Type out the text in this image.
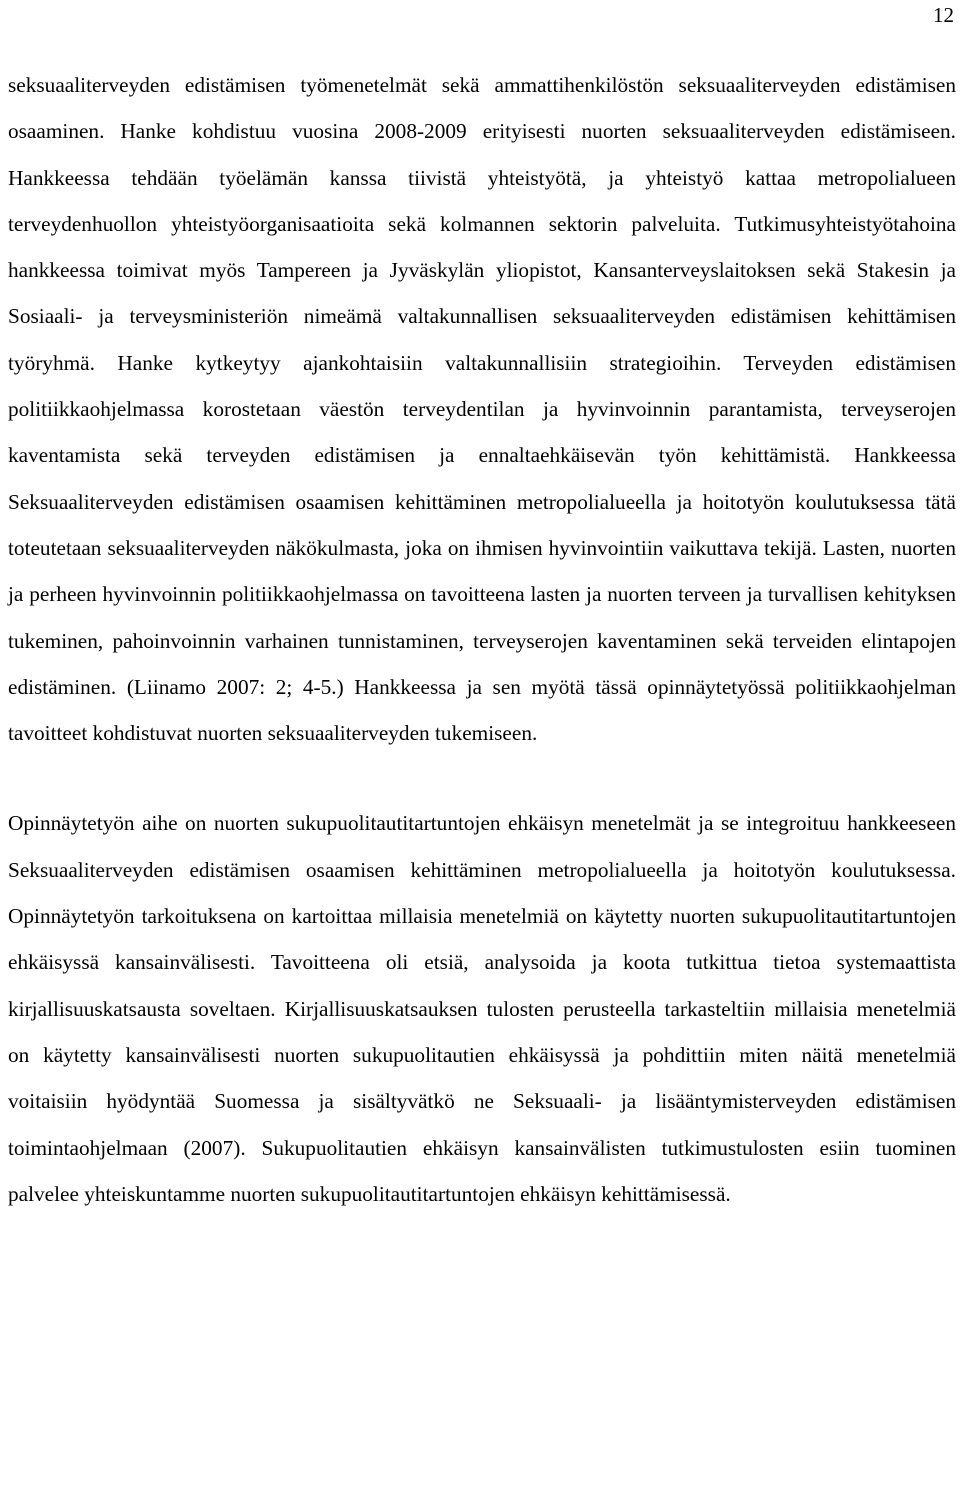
12

seksuaaliterveyden edistämisen työmenetelmät sekä ammattihenkilöstön seksuaaliterveyden edistämisen osaaminen. Hanke kohdistuu vuosina 2008-2009 erityisesti nuorten seksuaaliterveyden edistämiseen. Hankkeessa tehdään työelämän kanssa tiivistä yhteistyötä, ja yhteistyö kattaa metropolialueen terveydenhuollon yhteistyöorganisaatioita sekä kolmannen sektorin palveluita. Tutkimusyhteistyötahoina hankkeessa toimivat myös Tampereen ja Jyväskylän yliopistot, Kansanterveyslaitoksen sekä Stakesin ja Sosiaali- ja terveysministeriön nimeämä valtakunnallisen seksuaaliterveyden edistämisen kehittämisen työryhmä. Hanke kytkeytyy ajankohtaisiin valtakunnallisiin strategioihin. Terveyden edistämisen politiikkaohjelmassa korostetaan väestön terveydentilan ja hyvinvoinnin parantamista, terveyserojen kaventamista sekä terveyden edistämisen ja ennaltaehkäisevän työn kehittämistä. Hankkeessa Seksuaaliterveyden edistämisen osaamisen kehittäminen metropolialueella ja hoitotyön koulutuksessa tätä toteutetaan seksuaaliterveyden näkökulmasta, joka on ihmisen hyvinvointiin vaikuttava tekijä. Lasten, nuorten ja perheen hyvinvoinnin politiikkaohjelmassa on tavoitteena lasten ja nuorten terveen ja turvallisen kehityksen tukeminen, pahoinvoinnin varhainen tunnistaminen, terveyserojen kaventaminen sekä terveiden elintapojen edistäminen. (Liinamo 2007: 2; 4-5.) Hankkeessa ja sen myötä tässä opinnäytetyössä politiikkaohjelman tavoitteet kohdistuvat nuorten seksuaaliterveyden tukemiseen.

Opinnäytetyön aihe on nuorten sukupuolitautitartuntojen ehkäisyn menetelmät ja se integroituu hankkeeseen Seksuaaliterveyden edistämisen osaamisen kehittäminen metropolialueella ja hoitotyön koulutuksessa. Opinnäytetyön tarkoituksena on kartoittaa millaisia menetelmiä on käytetty nuorten sukupuolitautitartuntojen ehkäisyssä kansainvälisesti. Tavoitteena oli etsiä, analysoida ja koota tutkittua tietoa systemaattista kirjallisuuskatsausta soveltaen. Kirjallisuuskatsauksen tulosten perusteella tarkasteltiin millaisia menetelmiä on käytetty kansainvälisesti nuorten sukupuolitautien ehkäisyssä ja pohdittiin miten näitä menetelmiä voitaisiin hyödyntää Suomessa ja sisältyvätkö ne Seksuaali- ja lisääntymisterveyden edistämisen toimintaohjelmaan (2007). Sukupuolitautien ehkäisyn kansainvälisten tutkimustulosten esiin tuominen palvelee yhteiskuntamme nuorten sukupuolitautitartuntojen ehkäisyn kehittämisessä.
